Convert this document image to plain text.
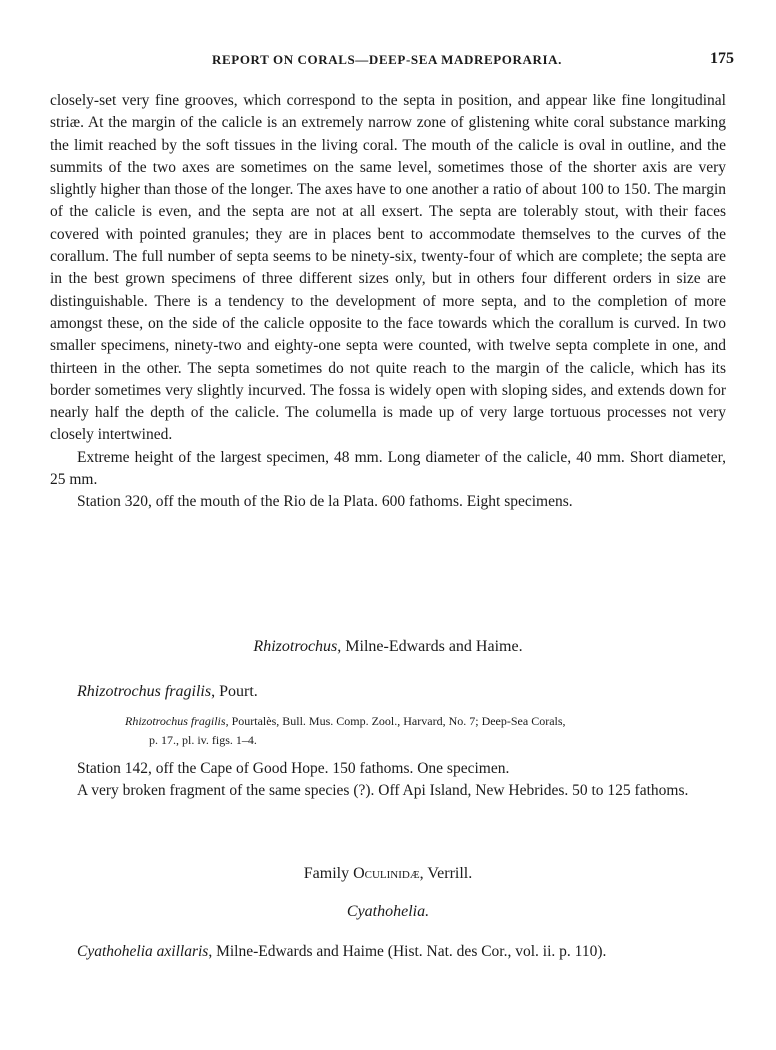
REPORT ON CORALS—DEEP-SEA MADREPORARIA.	175

closely-set very fine grooves, which correspond to the septa in position, and appear like fine longitudinal striæ. At the margin of the calicle is an extremely narrow zone of glistening white coral substance marking the limit reached by the soft tissues in the living coral. The mouth of the calicle is oval in outline, and the summits of the two axes are sometimes on the same level, sometimes those of the shorter axis are very slightly higher than those of the longer. The axes have to one another a ratio of about 100 to 150. The margin of the calicle is even, and the septa are not at all exsert. The septa are tolerably stout, with their faces covered with pointed granules; they are in places bent to accommodate themselves to the curves of the corallum. The full number of septa seems to be ninety-six, twenty-four of which are complete; the septa are in the best grown specimens of three different sizes only, but in others four different orders in size are distinguishable. There is a tendency to the development of more septa, and to the completion of more amongst these, on the side of the calicle opposite to the face towards which the corallum is curved. In two smaller specimens, ninety-two and eighty-one septa were counted, with twelve septa complete in one, and thirteen in the other. The septa sometimes do not quite reach to the margin of the calicle, which has its border sometimes very slightly incurved. The fossa is widely open with sloping sides, and extends down for nearly half the depth of the calicle. The columella is made up of very large tortuous processes not very closely intertwined.

Extreme height of the largest specimen, 48 mm. Long diameter of the calicle, 40 mm. Short diameter, 25 mm.

Station 320, off the mouth of the Rio de la Plata. 600 fathoms. Eight specimens.

Rhizotrochus, Milne-Edwards and Haime.
Rhizotrochus fragilis, Pourt.
Rhizotrochus fragilis, Pourtalès, Bull. Mus. Comp. Zool., Harvard, No. 7; Deep-Sea Corals,
p. 17., pl. iv. figs. 1–4.

Station 142, off the Cape of Good Hope. 150 fathoms. One specimen.

A very broken fragment of the same species (?). Off Api Island, New Hebrides. 50 to 125 fathoms.

Family Oculinidæ, Verrill.
Cyathohelia.

Cyathohelia axillaris, Milne-Edwards and Haime (Hist. Nat. des Cor., vol. ii. p. 110).
